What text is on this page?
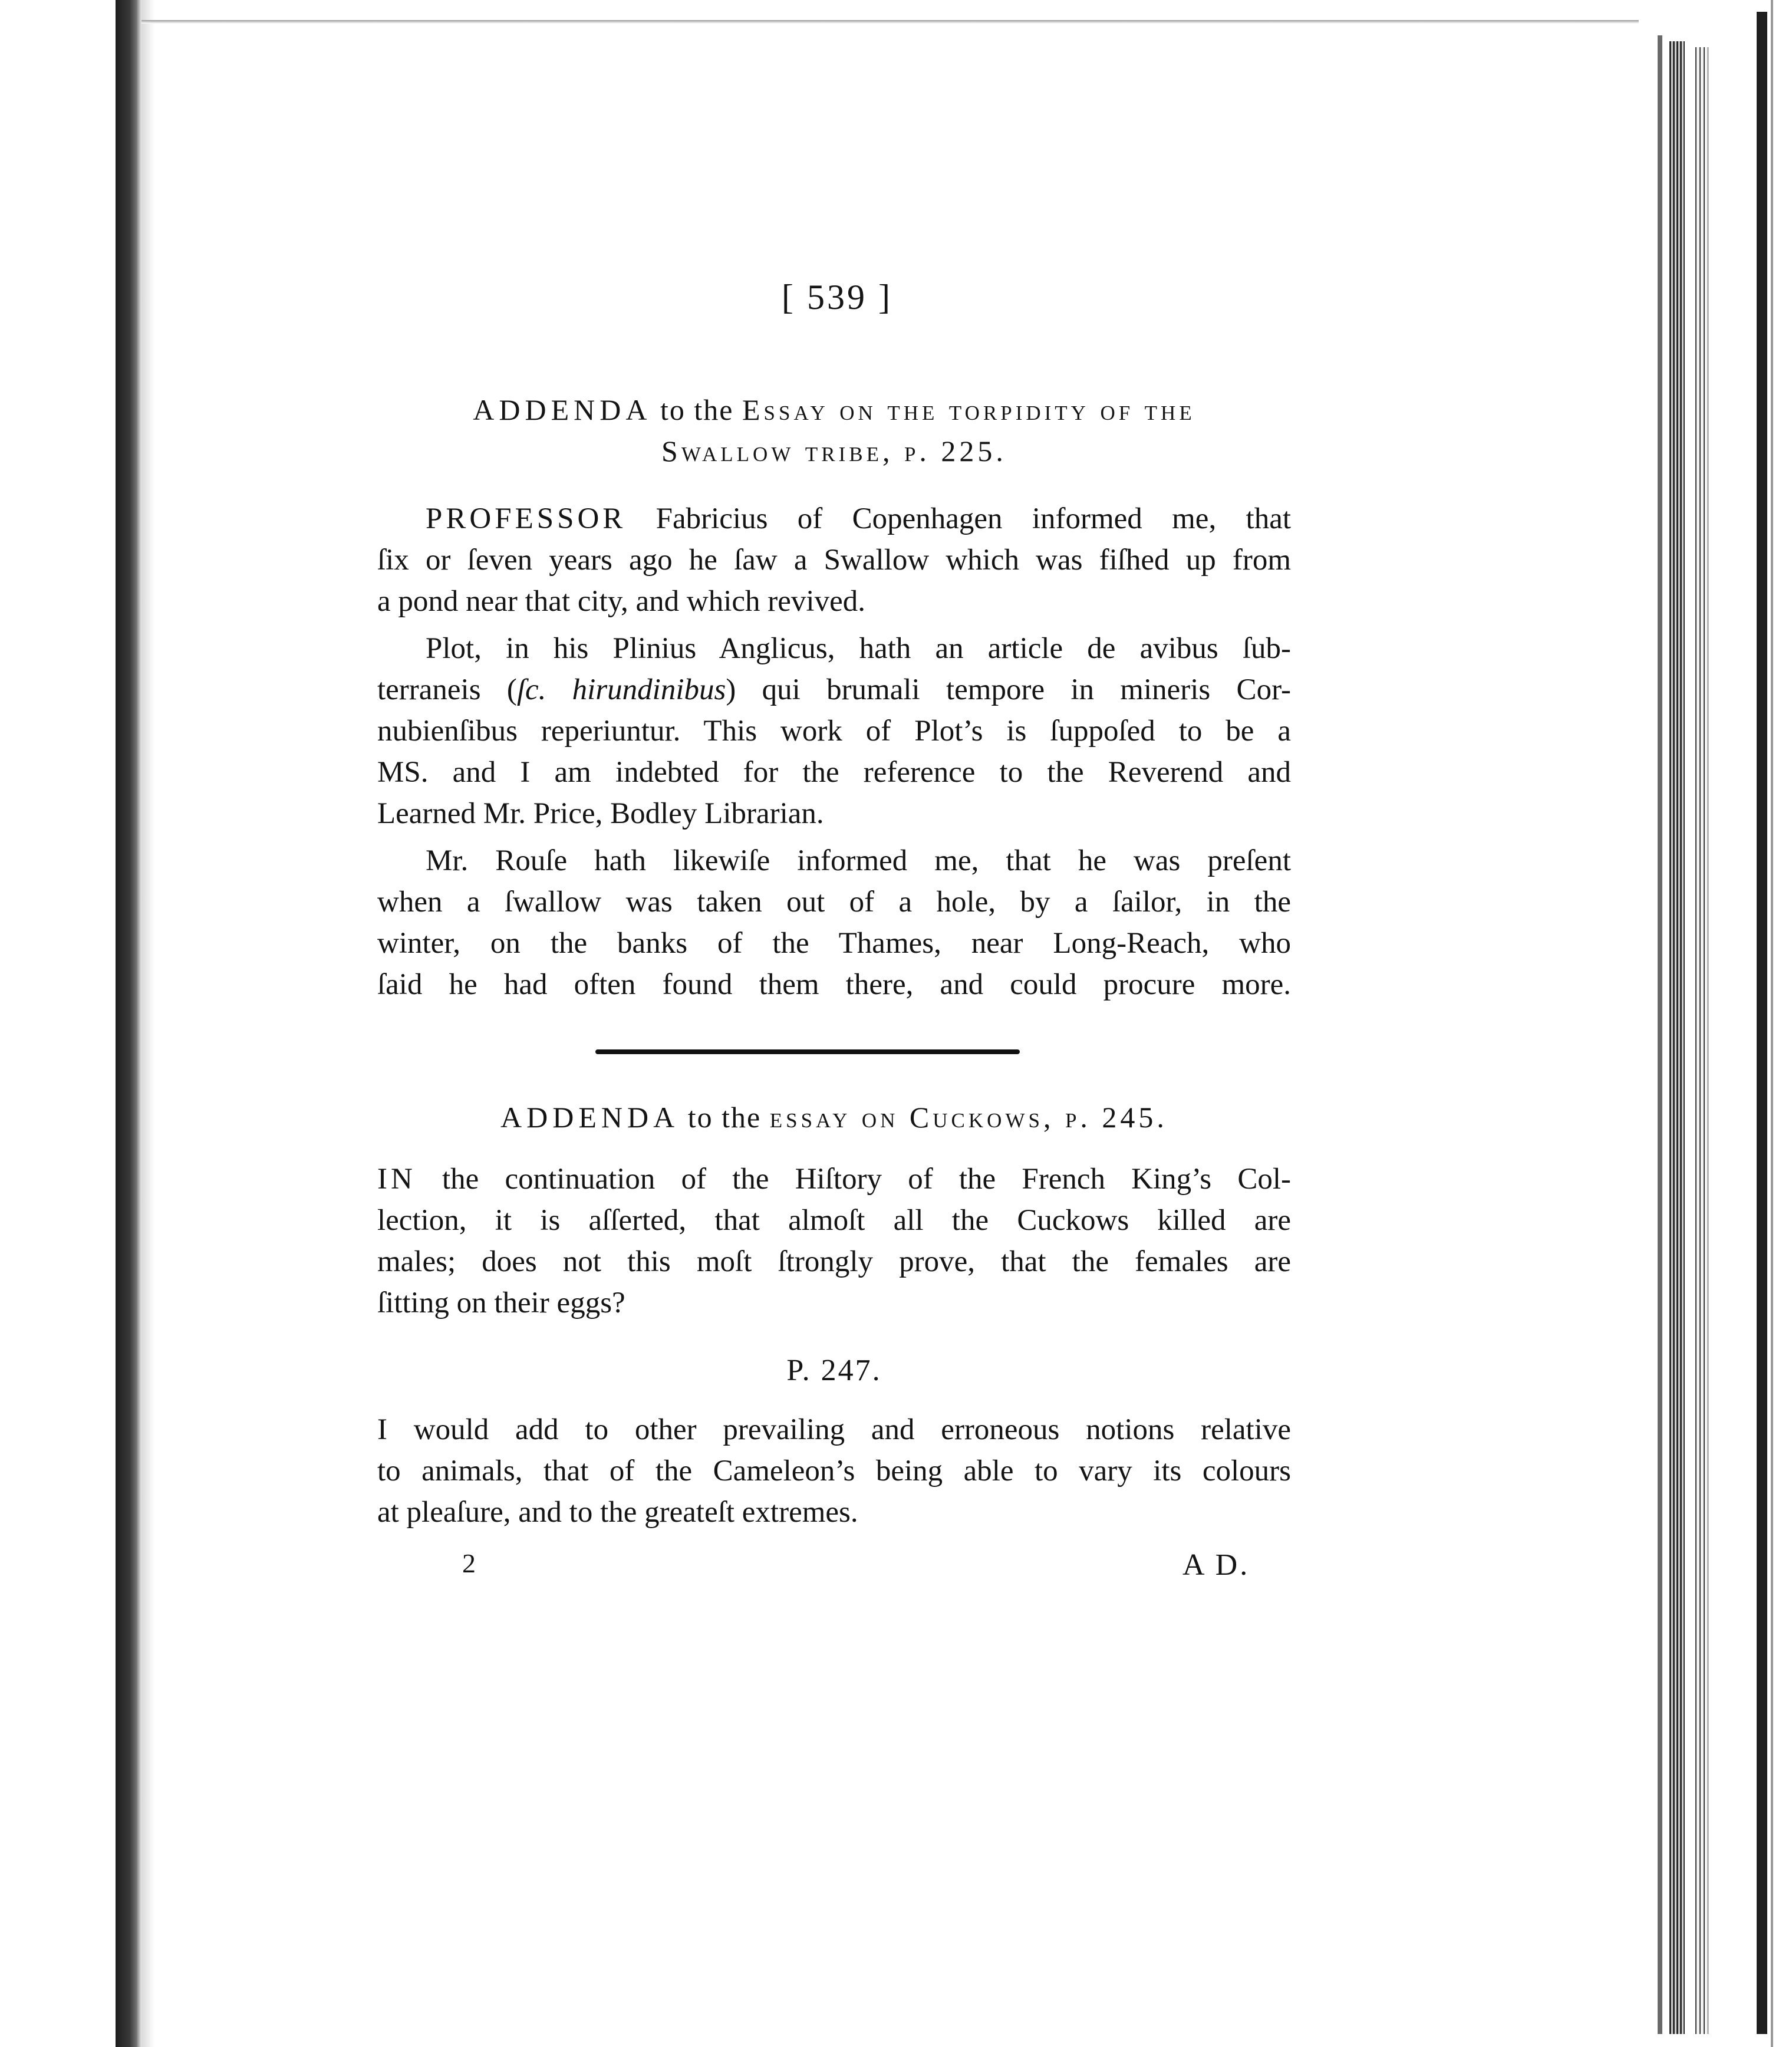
[ 539 ]
ADDENDA to the Essay on the torpidity of the
Swallow tribe, p. 225.
PROFESSOR Fabricius of Copenhagen informed me, that
ſix or ſeven years ago he ſaw a Swallow which was fiſhed up from
a pond near that city, and which revived.
Plot, in his Plinius Anglicus, hath an article de avibus ſub-
terraneis (ſc. hirundinibus) qui brumali tempore in mineris Cor-
nubienſibus reperiuntur. This work of Plot’s is ſuppoſed to be a
MS. and I am indebted for the reference to the Reverend and
Learned Mr. Price, Bodley Librarian.
Mr. Rouſe hath likewiſe informed me, that he was preſent
when a ſwallow was taken out of a hole, by a ſailor, in the
winter, on the banks of the Thames, near Long-Reach, who
ſaid he had often found them there, and could procure more.
ADDENDA to the essay on Cuckows, p. 245.
IN the continuation of the Hiſtory of the French King’s Col-
lection, it is aſſerted, that almoſt all the Cuckows killed are
males; does not this moſt ſtrongly prove, that the females are
ſitting on their eggs?
P. 247.
I would add to other prevailing and erroneous notions relative
to animals, that of the Cameleon’s being able to vary its colours
at pleaſure, and to the greateſt extremes.
2	A D.
